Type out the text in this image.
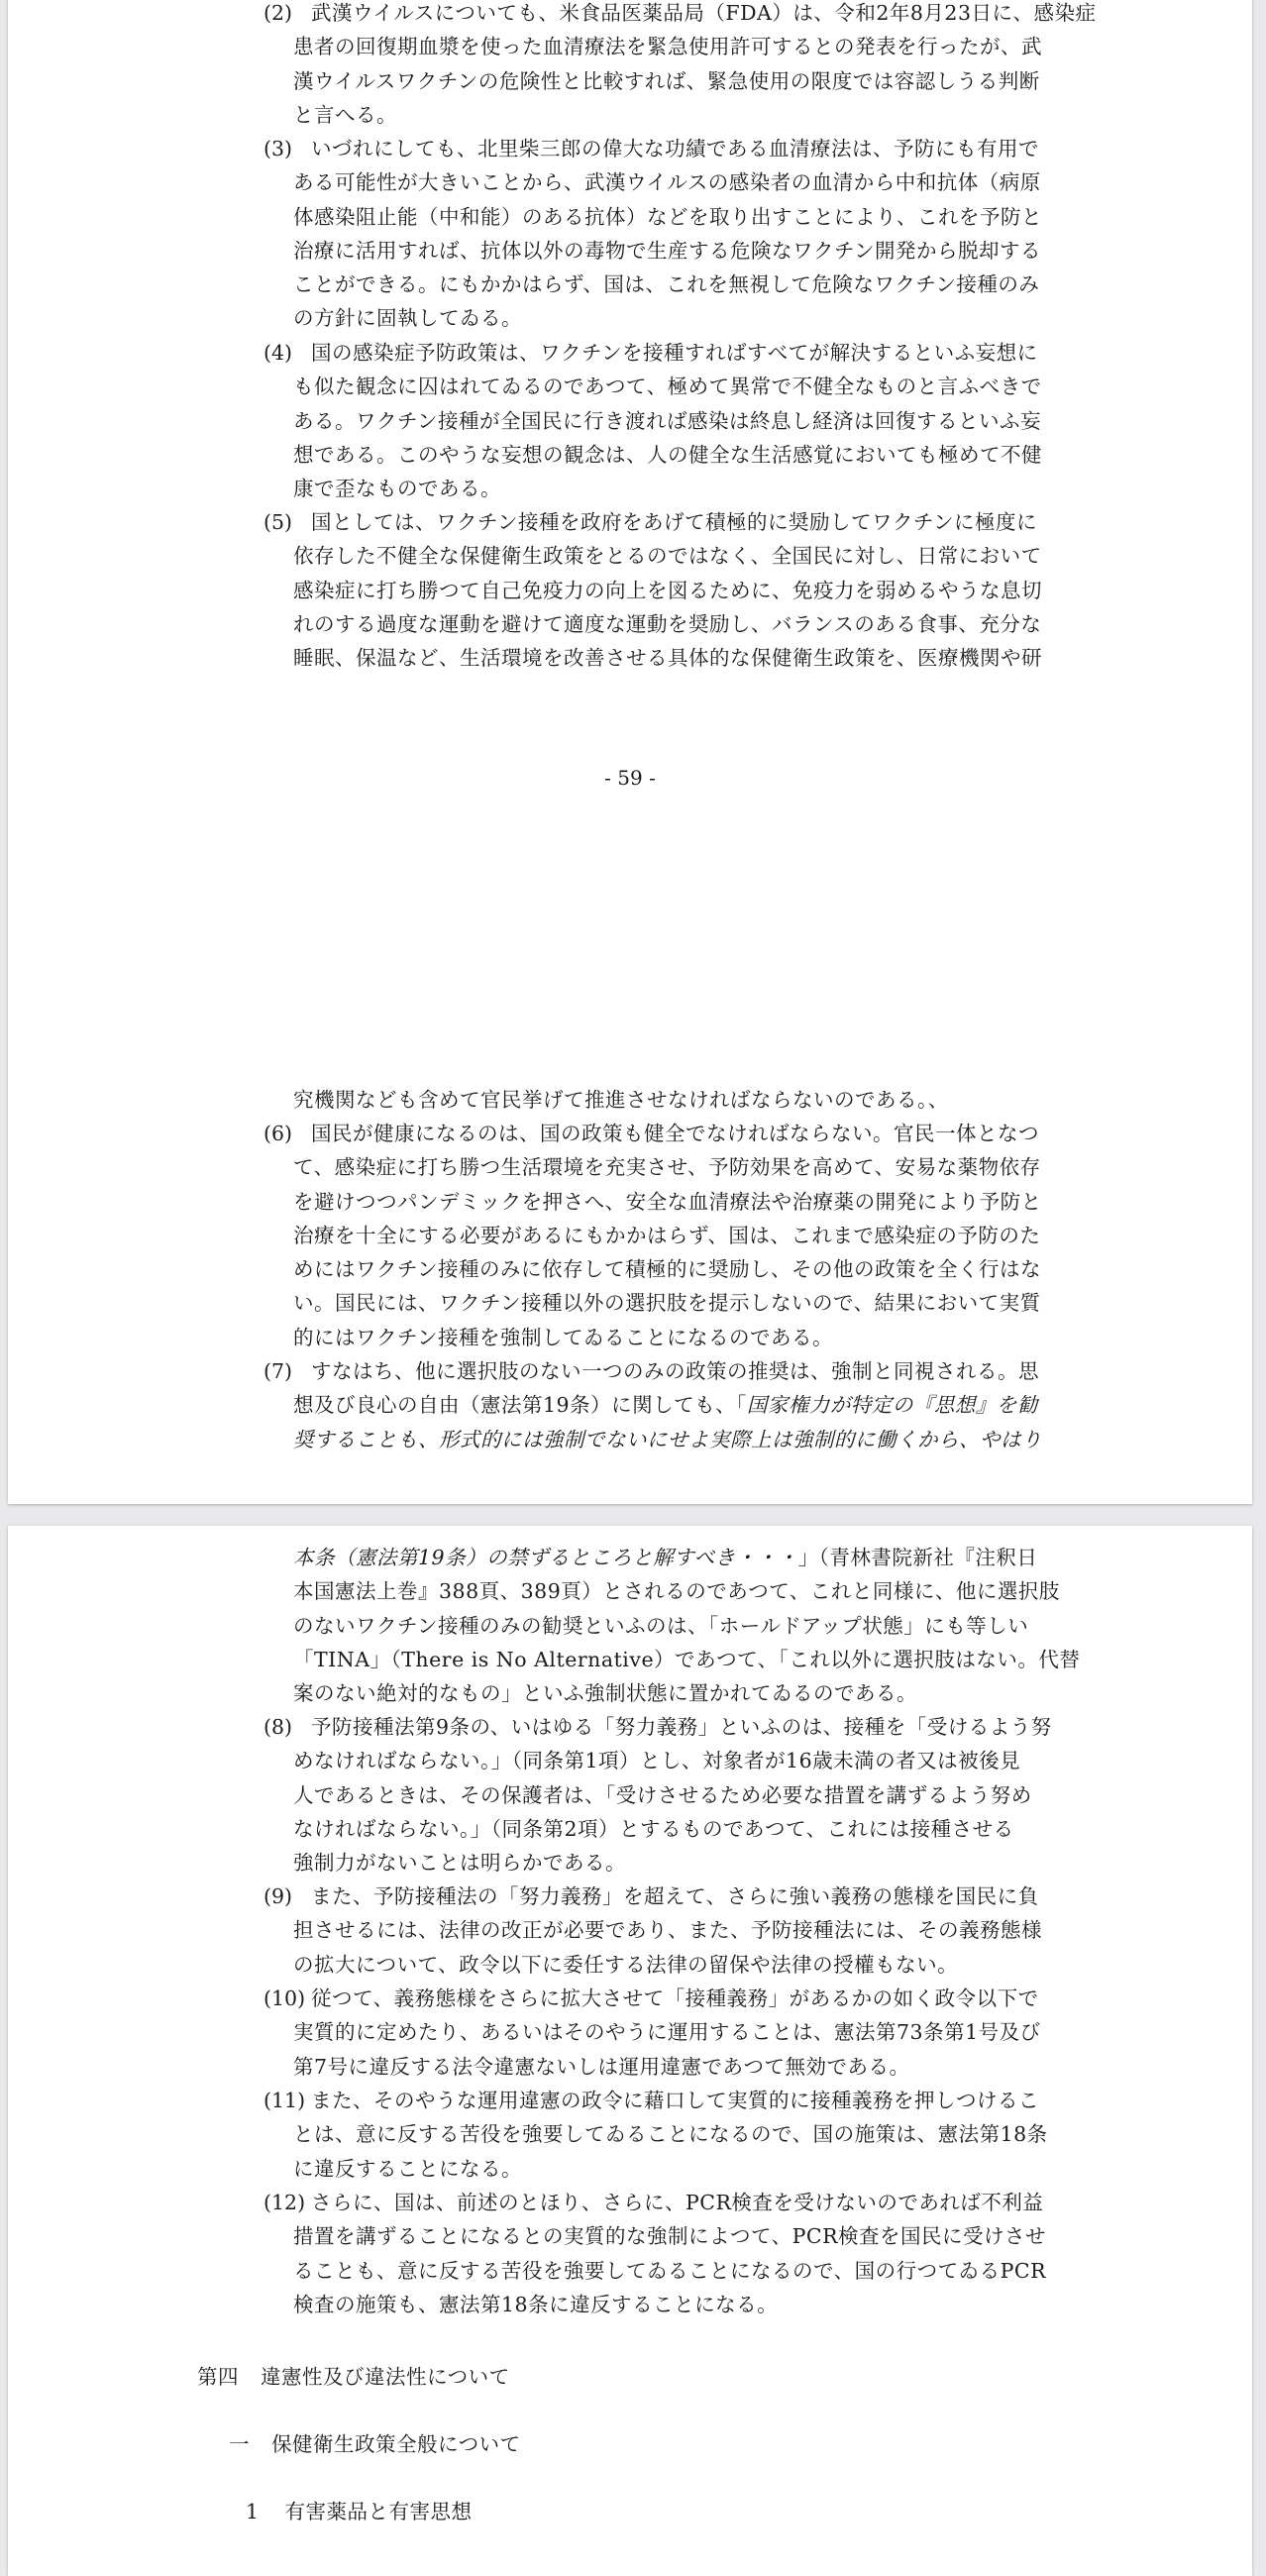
(2) 武漢ウイルスについても、米食品医薬品局（FDA）は、令和2年8月23日に、感染症
患者の回復期血漿を使った血清療法を緊急使用許可するとの発表を行ったが、武
漢ウイルスワクチンの危険性と比較すれば、緊急使用の限度では容認しうる判断
と言へる。
(3) いづれにしても、北里柴三郎の偉大な功績である血清療法は、予防にも有用で
ある可能性が大きいことから、武漢ウイルスの感染者の血清から中和抗体（病原
体感染阻止能（中和能）のある抗体）などを取り出すことにより、これを予防と
治療に活用すれば、抗体以外の毒物で生産する危険なワクチン開発から脱却する
ことができる。にもかかはらず、国は、これを無視して危険なワクチン接種のみ
の方針に固執してゐる。
(4) 国の感染症予防政策は、ワクチンを接種すればすべてが解決するといふ妄想に
も似た観念に囚はれてゐるのであつて、極めて異常で不健全なものと言ふべきで
ある。ワクチン接種が全国民に行き渡れば感染は終息し経済は回復するといふ妄
想である。このやうな妄想の観念は、人の健全な生活感覚においても極めて不健
康で歪なものである。
(5) 国としては、ワクチン接種を政府をあげて積極的に奨励してワクチンに極度に
依存した不健全な保健衛生政策をとるのではなく、全国民に対し、日常において
感染症に打ち勝つて自己免疫力の向上を図るために、免疫力を弱めるやうな息切
れのする過度な運動を避けて適度な運動を奨励し、バランスのある食事、充分な
睡眠、保温など、生活環境を改善させる具体的な保健衛生政策を、医療機関や研
- 59 -
究機関なども含めて官民挙げて推進させなければならないのである。、
(6) 国民が健康になるのは、国の政策も健全でなければならない。官民一体となつ
て、感染症に打ち勝つ生活環境を充実させ、予防効果を高めて、安易な薬物依存
を避けつつパンデミックを押さへ、安全な血清療法や治療薬の開発により予防と
治療を十全にする必要があるにもかかはらず、国は、これまで感染症の予防のた
めにはワクチン接種のみに依存して積極的に奨励し、その他の政策を全く行はな
い。国民には、ワクチン接種以外の選択肢を提示しないので、結果において実質
的にはワクチン接種を強制してゐることになるのである。
(7) すなはち、他に選択肢のない一つのみの政策の推奨は、強制と同視される。思
想及び良心の自由（憲法第19条）に関しても、「国家権力が特定の『思想』を勧
奨することも、形式的には強制でないにせよ実際上は強制的に働くから、やはり
本条（憲法第19条）の禁ずるところと解すべき・・・」（青林書院新社『注釈日
本国憲法上巻』388頁、389頁）とされるのであつて、これと同様に、他に選択肢
のないワクチン接種のみの勧奨といふのは、「ホールドアップ状態」にも等しい
「TINA」（There is No Alternative）であつて、「これ以外に選択肢はない。代替
案のない絶対的なもの」といふ強制状態に置かれてゐるのである。
(8) 予防接種法第9条の、いはゆる「努力義務」といふのは、接種を「受けるよう努
めなければならない。」（同条第1項）とし、対象者が16歳未満の者又は被後見
人であるときは、その保護者は、「受けさせるため必要な措置を講ずるよう努め
なければならない。」（同条第2項）とするものであつて、これには接種させる
強制力がないことは明らかである。
(9) また、予防接種法の「努力義務」を超えて、さらに強い義務の態様を国民に負
担させるには、法律の改正が必要であり、また、予防接種法には、その義務態様
の拡大について、政令以下に委任する法律の留保や法律の授權もない。
(10) 従つて、義務態様をさらに拡大させて「接種義務」があるかの如く政令以下で
実質的に定めたり、あるいはそのやうに運用することは、憲法第73条第1号及び
第7号に違反する法令違憲ないしは運用違憲であつて無効である。
(11) また、そのやうな運用違憲の政令に藉口して実質的に接種義務を押しつけるこ
とは、意に反する苦役を強要してゐることになるので、国の施策は、憲法第18条
に違反することになる。
(12) さらに、国は、前述のとほり、さらに、PCR検査を受けないのであれば不利益
措置を講ずることになるとの実質的な強制によつて、PCR検査を国民に受けさせ
ることも、意に反する苦役を強要してゐることになるので、国の行つてゐるPCR
検査の施策も、憲法第18条に違反することになる。
第四 違憲性及び違法性について
一 保健衛生政策全般について
1 有害薬品と有害思想
